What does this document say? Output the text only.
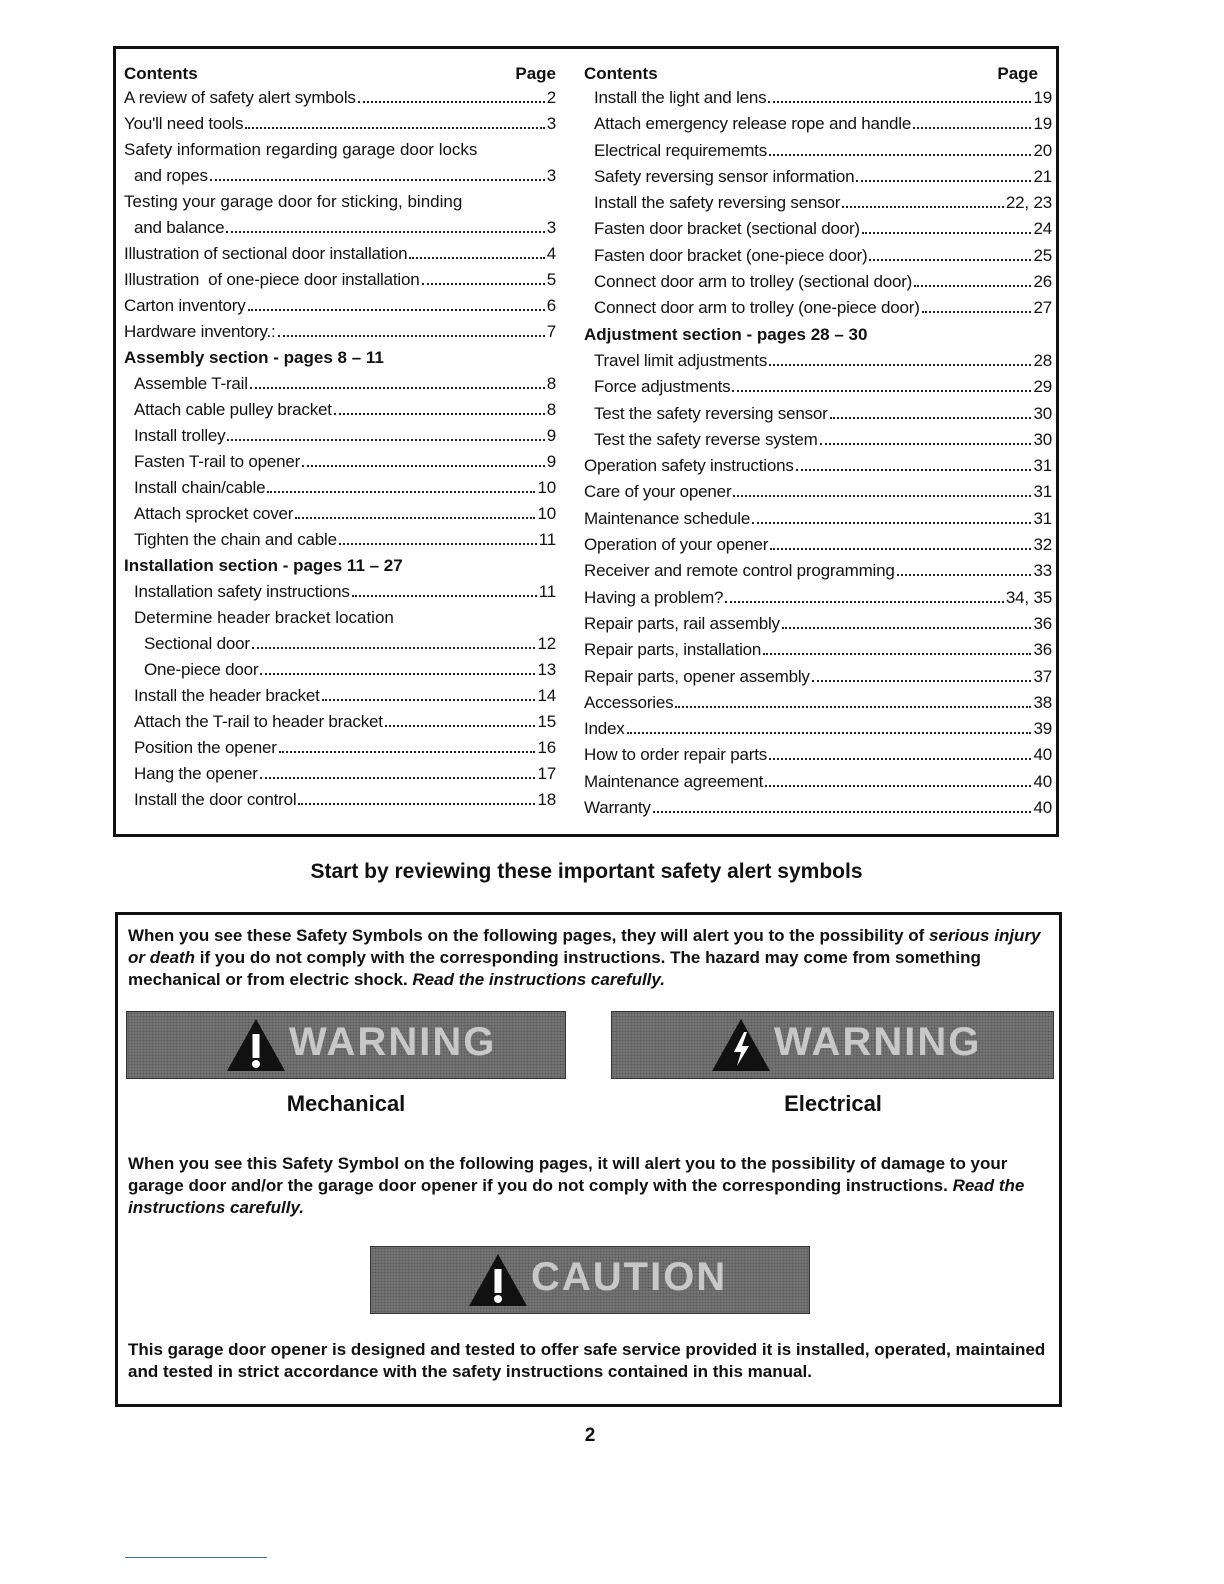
Contents	Page
A review of safety alert symbols	2
You'll need tools	3
Safety information regarding garage door locks
and ropes	3
Testing your garage door for sticking, binding
and balance	3
Illustration of sectional door installation	4
Illustration  of one-piece door installation	5
Carton inventory	6
Hardware inventory.:	7
Assembly section - pages 8 – 11
Assemble T-rail	8
Attach cable pulley bracket	8
Install trolley	9
Fasten T-rail to opener	9
Install chain/cable	10
Attach sprocket cover	10
Tighten the chain and cable	11
Installation section - pages 11 – 27
Installation safety instructions	11
Determine header bracket location
Sectional door	12
One-piece door	13
Install the header bracket	14
Attach the T-rail to header bracket	15
Position the opener	16
Hang the opener	17
Install the door control	18
Contents	Page
Install the light and lens	19
Attach emergency release rope and handle	19
Electrical requirememts	20
Safety reversing sensor information	21
Install the safety reversing sensor	22, 23
Fasten door bracket (sectional door)	24
Fasten door bracket (one-piece door)	25
Connect door arm to trolley (sectional door)	26
Connect door arm to trolley (one-piece door)	27
Adjustment section - pages 28 – 30
Travel limit adjustments	28
Force adjustments	29
Test the safety reversing sensor	30
Test the safety reverse system	30
Operation safety instructions	31
Care of your opener	31
Maintenance schedule	31
Operation of your opener	32
Receiver and remote control programming	33
Having a problem?	34, 35
Repair parts, rail assembly	36
Repair parts, installation	36
Repair parts, opener assembly	37
Accessories	38
Index	39
How to order repair parts	40
Maintenance agreement	40
Warranty	40
Start by reviewing these important safety alert symbols
When you see these Safety Symbols on the following pages, they will alert you to the possibility of serious injury or death if you do not comply with the corresponding instructions. The hazard may come from something mechanical or from electric shock. Read the instructions carefully.
WARNING	WARNING
Mechanical	Electrical
When you see this Safety Symbol on the following pages, it will alert you to the possibility of damage to your garage door and/or the garage door opener if you do not comply with the corresponding instructions. Read the instructions carefully.
CAUTION
This garage door opener is designed and tested to offer safe service provided it is installed, operated, maintained and tested in strict accordance with the safety instructions contained in this manual.
2
